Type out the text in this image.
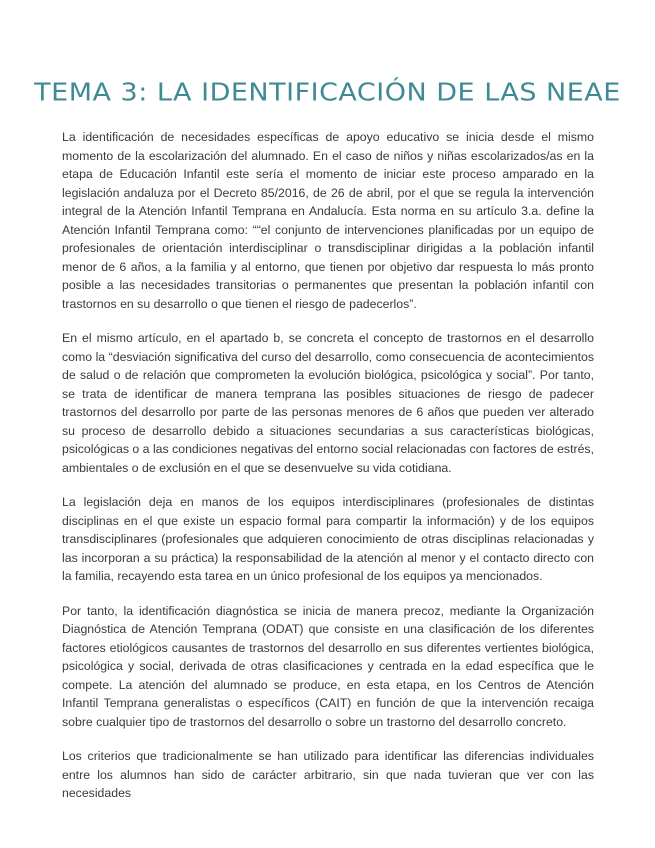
TEMA 3: LA IDENTIFICACIÓN DE LAS NEAE

La identificación de necesidades específicas de apoyo educativo se inicia desde el mismo momento de la escolarización del alumnado. En el caso de niños y niñas escolarizados/as en la etapa de Educación Infantil este sería el momento de iniciar este proceso amparado en la legislación andaluza por el Decreto 85/2016, de 26 de abril, por el que se regula la intervención integral de la Atención Infantil Temprana en Andalucía. Esta norma en su artículo 3.a. define la Atención Infantil Temprana como: ““el conjunto de intervenciones planificadas por un equipo de profesionales de orientación interdisciplinar o transdisciplinar dirigidas a la población infantil menor de 6 años, a la familia y al entorno, que tienen por objetivo dar respuesta lo más pronto posible a las necesidades transitorias o permanentes que presentan la población infantil con trastornos en su desarrollo o que tienen el riesgo de padecerlos”.

En el mismo artículo, en el apartado b, se concreta el concepto de trastornos en el desarrollo como la “desviación significativa del curso del desarrollo, como consecuencia de acontecimientos de salud o de relación que comprometen la evolución biológica, psicológica y social”. Por tanto, se trata de identificar de manera temprana las posibles situaciones de riesgo de padecer trastornos del desarrollo por parte de las personas menores de 6 años que pueden ver alterado su proceso de desarrollo debido a situaciones secundarias a sus características biológicas, psicológicas o a las condiciones negativas del entorno social relacionadas con factores de estrés, ambientales o de exclusión en el que se desenvuelve su vida cotidiana.

La legislación deja en manos de los equipos interdisciplinares (profesionales de distintas disciplinas en el que existe un espacio formal para compartir la información) y de los equipos transdisciplinares (profesionales que adquieren conocimiento de otras disciplinas relacionadas y las incorporan a su práctica) la responsabilidad de la atención al menor y el contacto directo con la familia, recayendo esta tarea en un único profesional de los equipos ya mencionados.

Por tanto, la identificación diagnóstica se inicia de manera precoz, mediante la Organización Diagnóstica de Atención Temprana (ODAT) que consiste en una clasificación de los diferentes factores etiológicos causantes de trastornos del desarrollo en sus diferentes vertientes biológica, psicológica y social, derivada de otras clasificaciones y centrada en la edad específica que le compete. La atención del alumnado se produce, en esta etapa, en los Centros de Atención Infantil Temprana generalistas o específicos (CAIT) en función de que la intervención recaiga sobre cualquier tipo de trastornos del desarrollo o sobre un trastorno del desarrollo concreto.

Los criterios que tradicionalmente se han utilizado para identificar las diferencias individuales entre los alumnos han sido de carácter arbitrario, sin que nada tuvieran que ver con las necesidades
